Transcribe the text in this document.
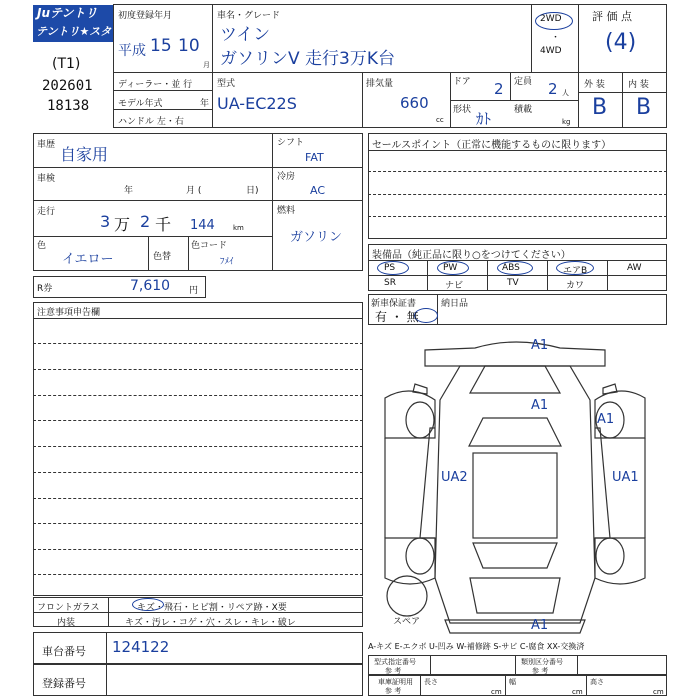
Juテントリ
テントリ★スター
(T1)
202601
18138
初度登録年月
平成 15 10
月
車名・グレード
ツイン
ガソリンV 走行3万K台
2WD
・
4WD
評 価 点
(4)
外 装	内 装
B B
ディーラー・並 行
モデル年式	年
ハンドル 左・右
型式
UA-EC22S
排気量
660
cc
ドア 2 定員 2 人
形状 ｶﾄ	積載
kg
車歴 自家用
シフト
FAT
車検
年	月 (	日)
冷房
AC
走行	3 万 2 千 144	km
燃料
ガソリン
色
イエロー	色替
色コード
ﾌﾒｲ
R券	7,610 円
セールスポイント（正常に機能するものに限ります）
装備品（純正品に限り○をつけてください）
PS	PW	ABS	エアB	AW
SR	ナビ	TV	カワ
新車保証書	納日品
有 ・ 無
注意事項申告欄
A1
A1
A1
UA2	UA1
A1
スペア
フロントガラス
内装
キズ・飛石・ヒビ割・リペア跡・X要
キズ・汚レ・コゲ・穴・スレ・キレ・破レ
車台番号 124122
登録番号
A-キズ E-エクボ U-凹み W-補修跡 S-サビ C-腐食 XX-交換済
型式指定番号
参 考
類別区分番号
参 考
車庫証明用
参 考
長さ
cm
幅
cm
高さ
cm
